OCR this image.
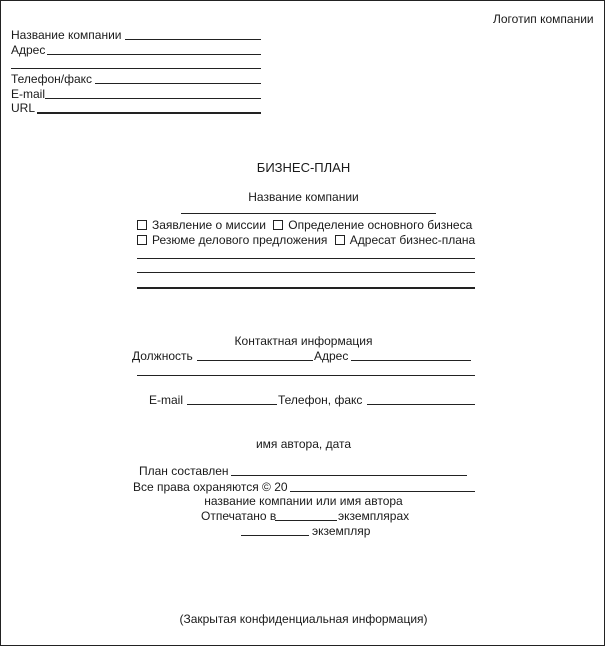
Логотип компании
Название компании
Адрес
Телефон/факс
E-mail
URL
БИЗНЕС-ПЛАН
Название компании
Заявление о миссии Определение основного бизнеса
Резюме делового предложения Адресат бизнес-плана
Контактная информация
Должность	Адрес
E-mail	Телефон, факс
имя автора, дата
План составлен
Все права охраняются © 20
название компании или имя автора
Отпечатано в	экземплярах
экземпляр
(Закрытая конфиденциальная информация)
